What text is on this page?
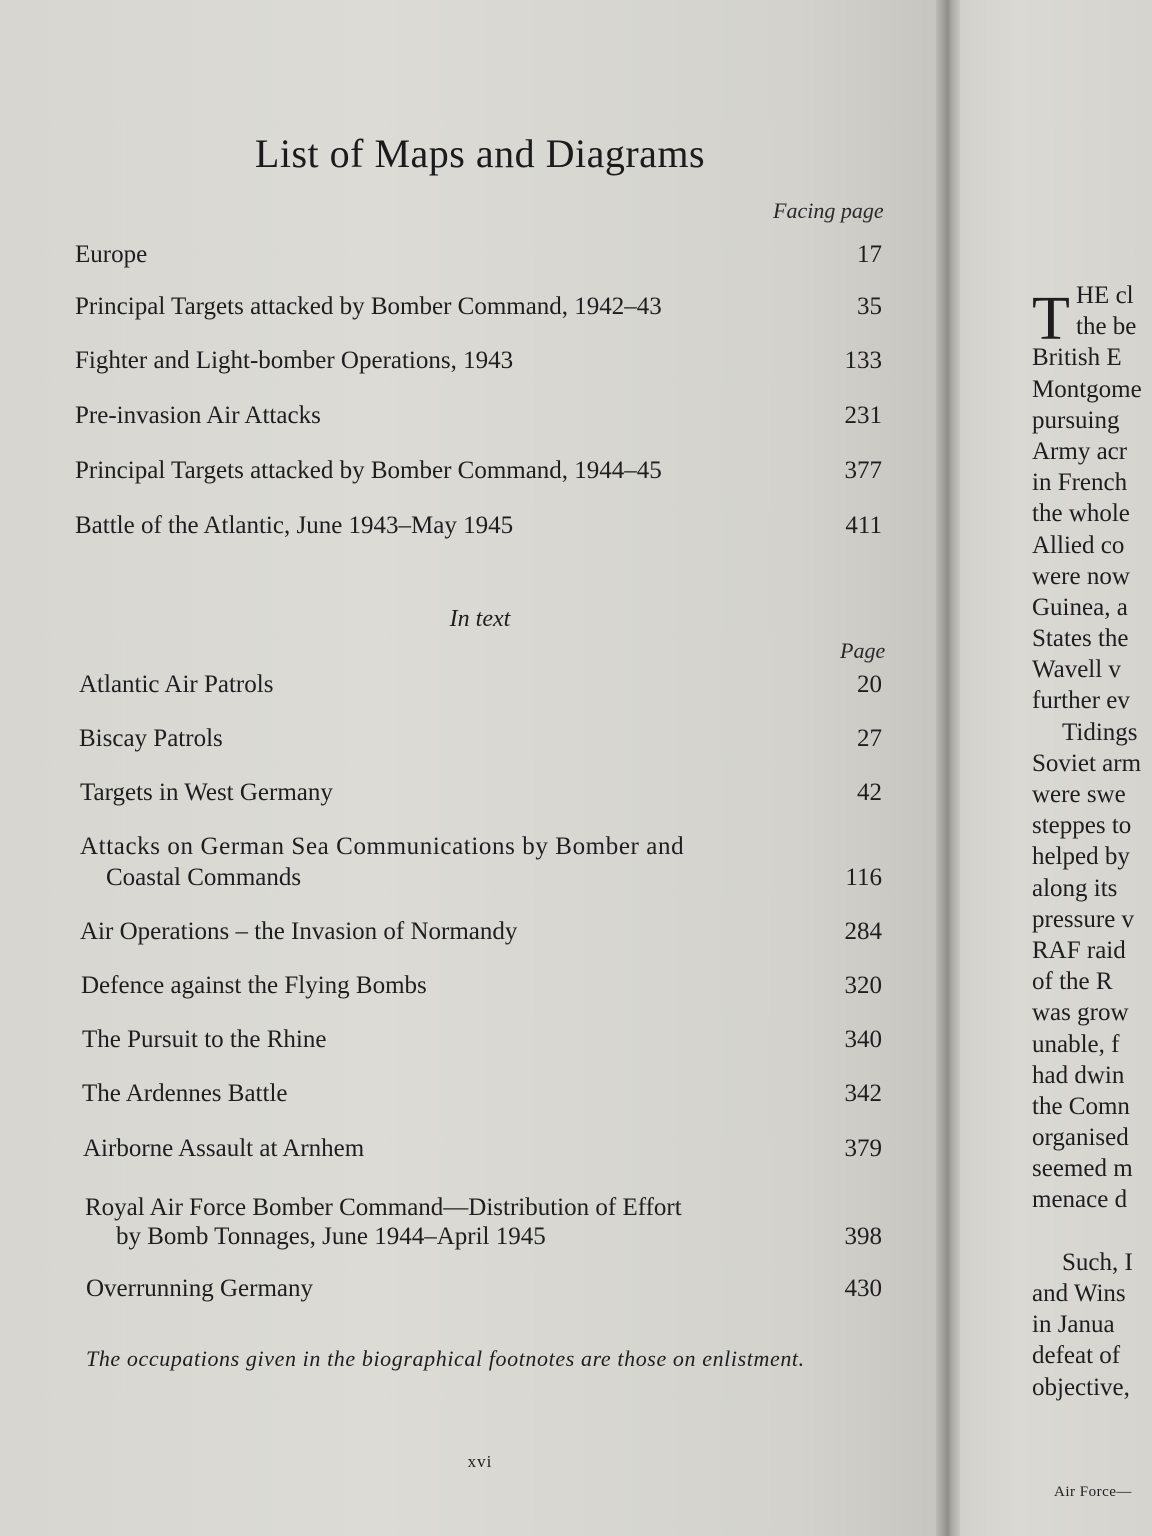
List of Maps and Diagrams
Facing page
Europe	17
Principal Targets attacked by Bomber Command, 1942–43	35
Fighter and Light-bomber Operations, 1943	133
Pre-invasion Air Attacks	231
Principal Targets attacked by Bomber Command, 1944–45	377
Battle of the Atlantic, June 1943–May 1945	411
In text
Page
Atlantic Air Patrols	20
Biscay Patrols	27
Targets in West Germany	42
Attacks on German Sea Communications by Bomber and
Coastal Commands	116
Air Operations – the Invasion of Normandy	284
Defence against the Flying Bombs	320
The Pursuit to the Rhine	340
The Ardennes Battle	342
Airborne Assault at Arnhem	379
Royal Air Force Bomber Command—Distribution of Effort
by Bomb Tonnages, June 1944–April 1945	398
Overrunning Germany	430
The occupations given in the biographical footnotes are those on enlistment.
xvi
T HE cl
the be
British E
Montgome
pursuing
Army acr
in French
the whole
Allied co
were now
Guinea, a
States the
Wavell v
further ev
Tidings
Soviet arm
were swe
steppes to
helped by
along its
pressure v
RAF raid
of the R
was grow
unable, f
had dwin
the Comn
organised
seemed m
menace d
Such, I
and Wins
in Janua
defeat of
objective,
Air Force—
